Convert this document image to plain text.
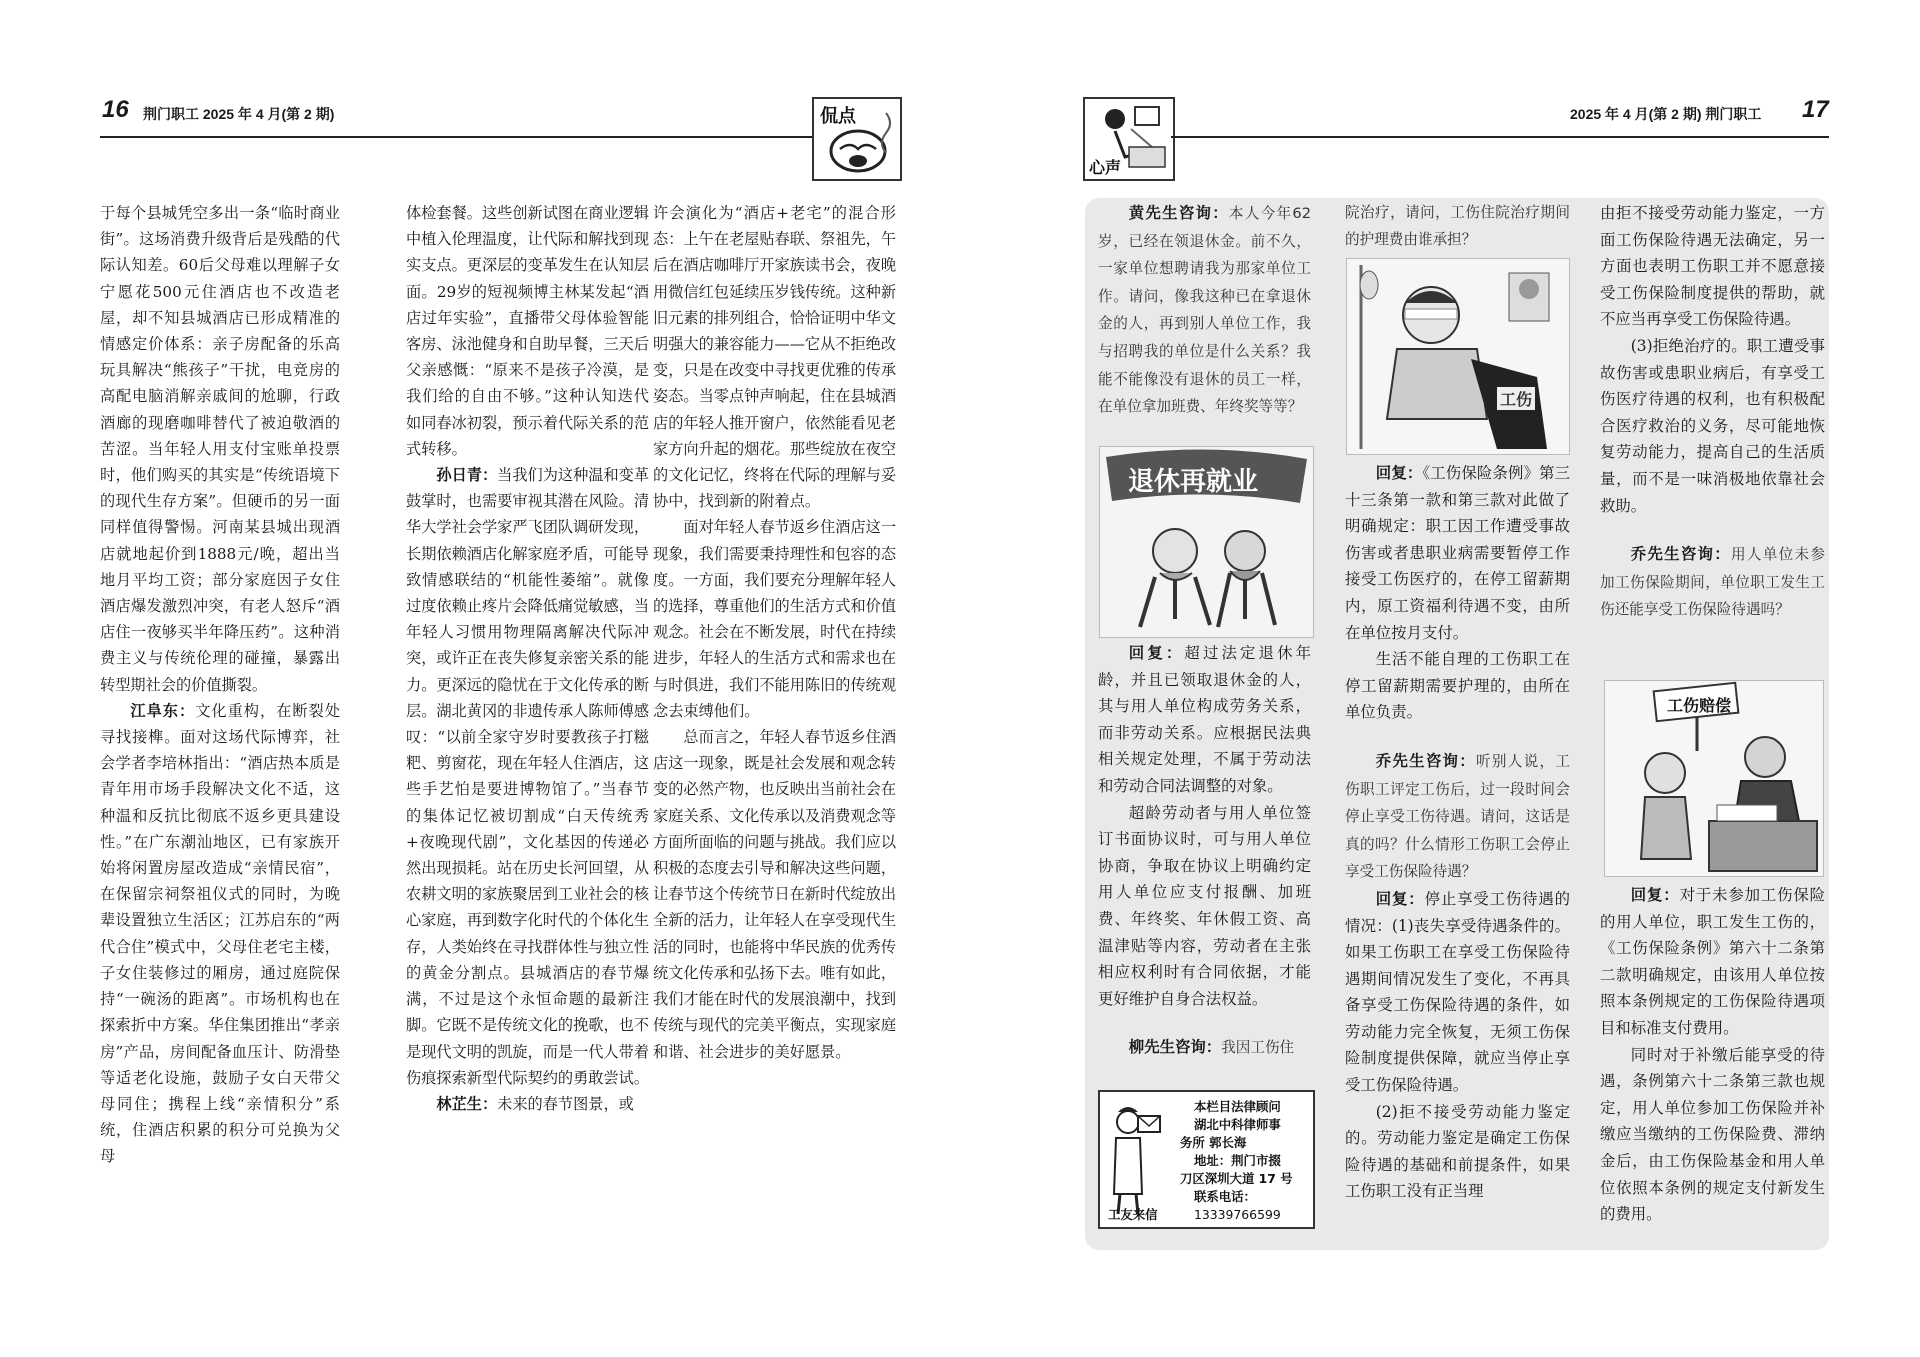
16 荆门职工 2025 年 4 月(第 2 期)	侃点

于每个县城凭空多出一条“临时商业街”。这场消费升级背后是残酷的代际认知差。60后父母难以理解子女宁愿花500元住酒店也不改造老屋，却不知县城酒店已形成精准的情感定价体系：亲子房配备的乐高玩具解决“熊孩子”干扰，电竞房的高配电脑消解亲戚间的尬聊，行政酒廊的现磨咖啡替代了被迫敬酒的苦涩。当年轻人用支付宝账单投票时，他们购买的其实是“传统语境下的现代生存方案”。但硬币的另一面同样值得警惕。河南某县城出现酒店就地起价到1888元/晚，超出当地月平均工资；部分家庭因子女住酒店爆发激烈冲突，有老人怒斥“酒店住一夜够买半年降压药”。这种消费主义与传统伦理的碰撞，暴露出转型期社会的价值撕裂。

江阜东：文化重构，在断裂处寻找接榫。面对这场代际博弈，社会学者李培林指出：“酒店热本质是青年用市场手段解决文化不适，这种温和反抗比彻底不返乡更具建设性。”在广东潮汕地区，已有家族开始将闲置房屋改造成“亲情民宿”，在保留宗祠祭祖仪式的同时，为晚辈设置独立生活区；江苏启东的“两代合住”模式中，父母住老宅主楼，子女住装修过的厢房，通过庭院保持“一碗汤的距离”。市场机构也在探索折中方案。华住集团推出“孝亲房”产品，房间配备血压计、防滑垫等适老化设施，鼓励子女白天带父母同住；携程上线“亲情积分”系统，住酒店积累的积分可兑换为父母

体检套餐。这些创新试图在商业逻辑中植入伦理温度，让代际和解找到现实支点。更深层的变革发生在认知层面。29岁的短视频博主林某发起“酒店过年实验”，直播带父母体验智能客房、泳池健身和自助早餐，三天后父亲感慨：“原来不是孩子冷漠，是我们给的自由不够。”这种认知迭代如同春冰初裂，预示着代际关系的范式转移。

孙日青：当我们为这种温和变革鼓掌时，也需要审视其潜在风险。清华大学社会学家严飞团队调研发现，长期依赖酒店化解家庭矛盾，可能导致情感联结的“机能性萎缩”。就像过度依赖止疼片会降低痛觉敏感，当年轻人习惯用物理隔离解决代际冲突，或许正在丧失修复亲密关系的能力。更深远的隐忧在于文化传承的断层。湖北黄冈的非遗传承人陈师傅感叹：“以前全家守岁时要教孩子打糍粑、剪窗花，现在年轻人住酒店，这些手艺怕是要进博物馆了。”当春节的集体记忆被切割成“白天传统秀+夜晚现代剧”，文化基因的传递必然出现损耗。站在历史长河回望，从农耕文明的家族聚居到工业社会的核心家庭，再到数字化时代的个体化生存，人类始终在寻找群体性与独立性的黄金分割点。县城酒店的春节爆满，不过是这个永恒命题的最新注脚。它既不是传统文化的挽歌，也不是现代文明的凯旋，而是一代人带着伤痕探索新型代际契约的勇敢尝试。

林芷生：未来的春节图景，或

许会演化为“酒店+老宅”的混合形态：上午在老屋贴春联、祭祖先，午后在酒店咖啡厅开家族读书会，夜晚用微信红包延续压岁钱传统。这种新旧元素的排列组合，恰恰证明中华文明强大的兼容能力——它从不拒绝改变，只是在改变中寻找更优雅的传承姿态。当零点钟声响起，住在县城酒店的年轻人推开窗户，依然能看见老家方向升起的烟花。那些绽放在夜空的文化记忆，终将在代际的理解与妥协中，找到新的附着点。

面对年轻人春节返乡住酒店这一现象，我们需要秉持理性和包容的态度。一方面，我们要充分理解年轻人的选择，尊重他们的生活方式和价值观念。社会在不断发展，时代在持续进步，年轻人的生活方式和需求也在与时俱进，我们不能用陈旧的传统观念去束缚他们。

总而言之，年轻人春节返乡住酒店这一现象，既是社会发展和观念转变的必然产物，也反映出当前社会在家庭关系、文化传承以及消费观念等方面所面临的问题与挑战。我们应以积极的态度去引导和解决这些问题，让春节这个传统节日在新时代绽放出全新的活力，让年轻人在享受现代生活的同时，也能将中华民族的优秀传统文化传承和弘扬下去。唯有如此，我们才能在时代的发展浪潮中，找到传统与现代的完美平衡点，实现家庭和谐、社会进步的美好愿景。

心声
2025 年 4 月(第 2 期) 荆门职工 17

黄先生咨询：本人今年62岁，已经在领退休金。前不久，一家单位想聘请我为那家单位工作。请问，像我这种已在拿退休金的人，再到别人单位工作，我与招聘我的单位是什么关系？我能不能像没有退休的员工一样，在单位拿加班费、年终奖等等？

退休再就业

回复：超过法定退休年龄，并且已领取退休金的人，其与用人单位构成劳务关系，而非劳动关系。应根据民法典相关规定处理，不属于劳动法和劳动合同法调整的对象。

超龄劳动者与用人单位签订书面协议时，可与用人单位协商，争取在协议上明确约定用人单位应支付报酬、加班费、年终奖、年休假工资、高温津贴等内容，劳动者在主张相应权利时有合同依据，才能更好维护自身合法权益。

柳先生咨询：我因工伤住

本栏目法律顾问
湖北中科律师事
务所 郭长海
地址：荆门市掇
刀区深圳大道 17 号
联系电话：
13339766599
工友来信

院治疗，请问，工伤住院治疗期间的护理费由谁承担？

工伤

回复：《工伤保险条例》第三十三条第一款和第三款对此做了明确规定：职工因工作遭受事故伤害或者患职业病需要暂停工作接受工伤医疗的，在停工留薪期内，原工资福利待遇不变，由所在单位按月支付。

生活不能自理的工伤职工在停工留薪期需要护理的，由所在单位负责。

乔先生咨询：听别人说，工伤职工评定工伤后，过一段时间会停止享受工伤待遇。请问，这话是真的吗？什么情形工伤职工会停止享受工伤保险待遇？

回复：停止享受工伤待遇的情况：(1)丧失享受待遇条件的。如果工伤职工在享受工伤保险待遇期间情况发生了变化，不再具备享受工伤保险待遇的条件，如劳动能力完全恢复，无须工伤保险制度提供保障，就应当停止享受工伤保险待遇。

(2)拒不接受劳动能力鉴定的。劳动能力鉴定是确定工伤保险待遇的基础和前提条件，如果工伤职工没有正当理

由拒不接受劳动能力鉴定，一方面工伤保险待遇无法确定，另一方面也表明工伤职工并不愿意接受工伤保险制度提供的帮助，就不应当再享受工伤保险待遇。

(3)拒绝治疗的。职工遭受事故伤害或患职业病后，有享受工伤医疗待遇的权利，也有积极配合医疗救治的义务，尽可能地恢复劳动能力，提高自己的生活质量，而不是一味消极地依靠社会救助。

乔先生咨询：用人单位未参加工伤保险期间，单位职工发生工伤还能享受工伤保险待遇吗？

工伤赔偿

回复：对于未参加工伤保险的用人单位，职工发生工伤的，《工伤保险条例》第六十二条第二款明确规定，由该用人单位按照本条例规定的工伤保险待遇项目和标准支付费用。

同时对于补缴后能享受的待遇，条例第六十二条第三款也规定，用人单位参加工伤保险并补缴应当缴纳的工伤保险费、滞纳金后，由工伤保险基金和用人单位依照本条例的规定支付新发生的费用。
